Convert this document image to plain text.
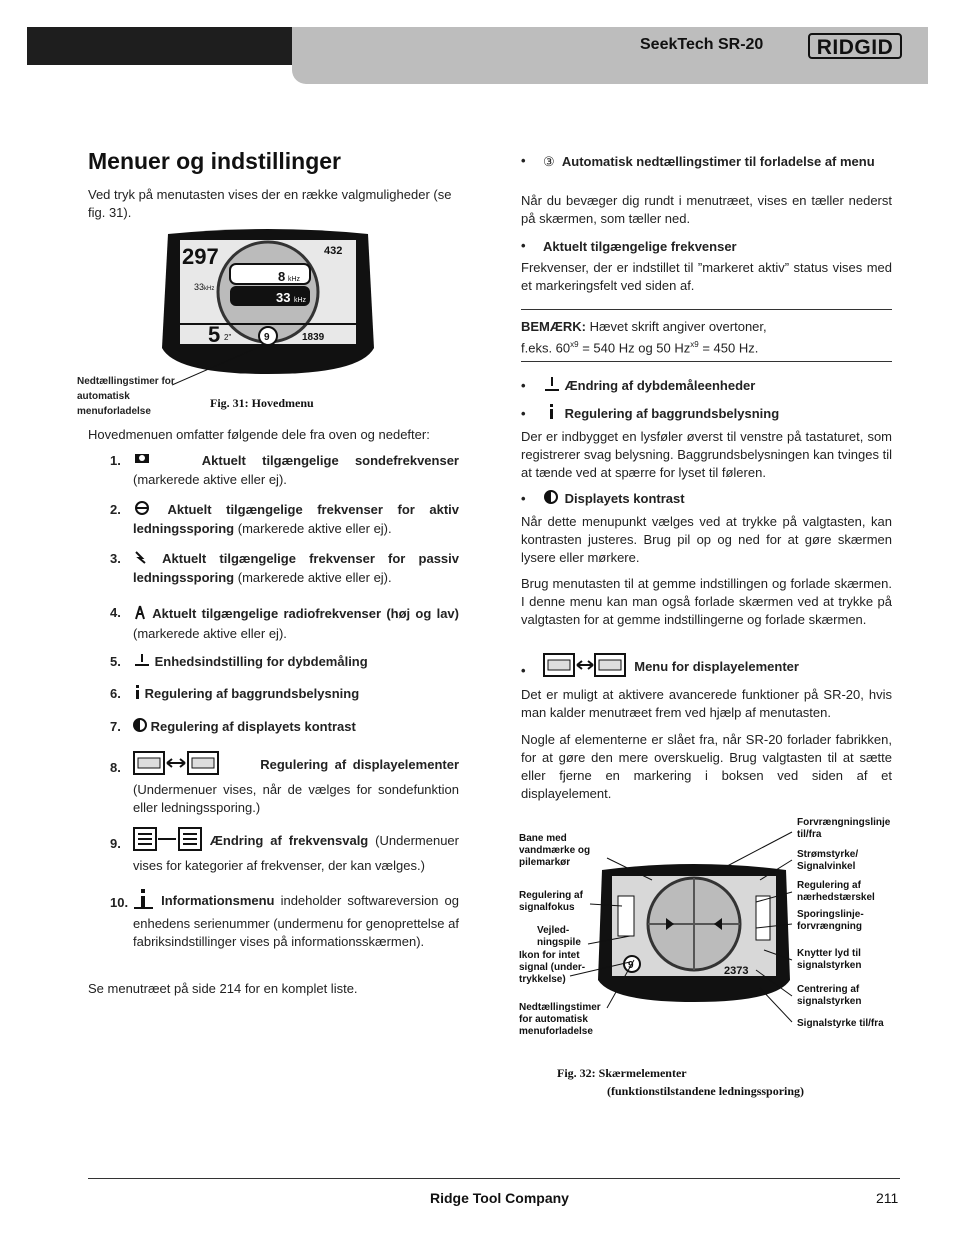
SeekTech SR-20	RIDGID
Menuer og indstillinger
Ved tryk på menutasten vises der en række valgmuligheder (se fig. 31).
297	432
33 kHz
8 kHz
33 kHz
5 2"	9	1839
Nedtællingstimer for automatisk menuforladelse
Fig. 31: Hovedmenu
Hovedmenuen omfatter følgende dele fra oven og nedefter:
1.	Aktuelt tilgængelige sondefrekvenser (markerede aktive eller ej).
2.	Aktuelt tilgængelige frekvenser for aktiv ledningssporing (markerede aktive eller ej).
3.	Aktuelt tilgængelige frekvenser for passiv ledningssporing (markerede aktive eller ej).
4. Aktuelt tilgængelige radiofrekvenser (høj og lav) (markerede aktive eller ej).
5.	Enhedsindstilling for dybdemåling
6. Regulering af baggrundsbelysning
7. Regulering af displayets kontrast
8.	Regulering af displayelementer (Undermenuer vises, når de vælges for sondefunktion eller ledningssporing.)
9.	Ændring af frekvensvalg (Undermenuer vises for kategorier af frekvenser, der kan vælges.)
10.	Informationsmenu indeholder softwareversion og enhedens serienummer (undermenu for genoprettelse af fabriksindstillinger vises på informationsskærmen).
Se menutræet på side 214 for en komplet liste.
• ③ Automatisk nedtællingstimer til forladelse af menu
Når du bevæger dig rundt i menutræet, vises en tæller nederst på skærmen, som tæller ned.
• Aktuelt tilgængelige frekvenser
Frekvenser, der er indstillet til ”markeret aktiv” status vises med et markeringsfelt ved siden af.
BEMÆRK: Hævet skrift angiver overtoner,
f.eks. $60^{x9} = 540$ Hz og 50 $Hz^{x9} = 450$ Hz.
•	Ændring af dybdemåleenheder
•	Regulering af baggrundsbelysning
Der er indbygget en lysføler øverst til venstre på tastaturet, som registrerer svag belysning. Baggrundsbelysningen kan tvinges til at tænde ved at spærre for lyset til føleren.
•	Displayets kontrast
Når dette menupunkt vælges ved at trykke på valgtasten, kan kontrasten justeres. Brug pil op og ned for at gøre skærmen lysere eller mørkere.
Brug menutasten til at gemme indstillingen og forlade skærmen. I denne menu kan man også forlade skærmen ved at trykke på valgtasten for at gemme indstillingerne og forlade skærmen.
•	Menu for displayelementer
Det er muligt at aktivere avancerede funktioner på SR-20, hvis man kalder menutræet frem ved hjælp af menutasten.
Nogle af elementerne er slået fra, når SR-20 forlader fabrikken, for at gøre den mere overskuelig. Brug valgtasten til at sætte eller fjerne en markering i boksen ved siden af et displayelement.
9	2373
Bane med vandmærke og pilemarkør
Regulering af signalfokus
Vejled- ningspile
Ikon for intet signal (under- trykkelse)
Nedtællingstimer for automatisk menuforladelse
Forvrængningslinje til/fra
Strømstyrke/ Signalvinkel
Regulering af nærhedstærskel
Sporingslinje- forvrængning
Knytter lyd til signalstyrken
Centrering af signalstyrken
Signalstyrke til/fra
Fig. 32: Skærmelementer
(funktionstilstandene ledningssporing)
Ridge Tool Company	211
